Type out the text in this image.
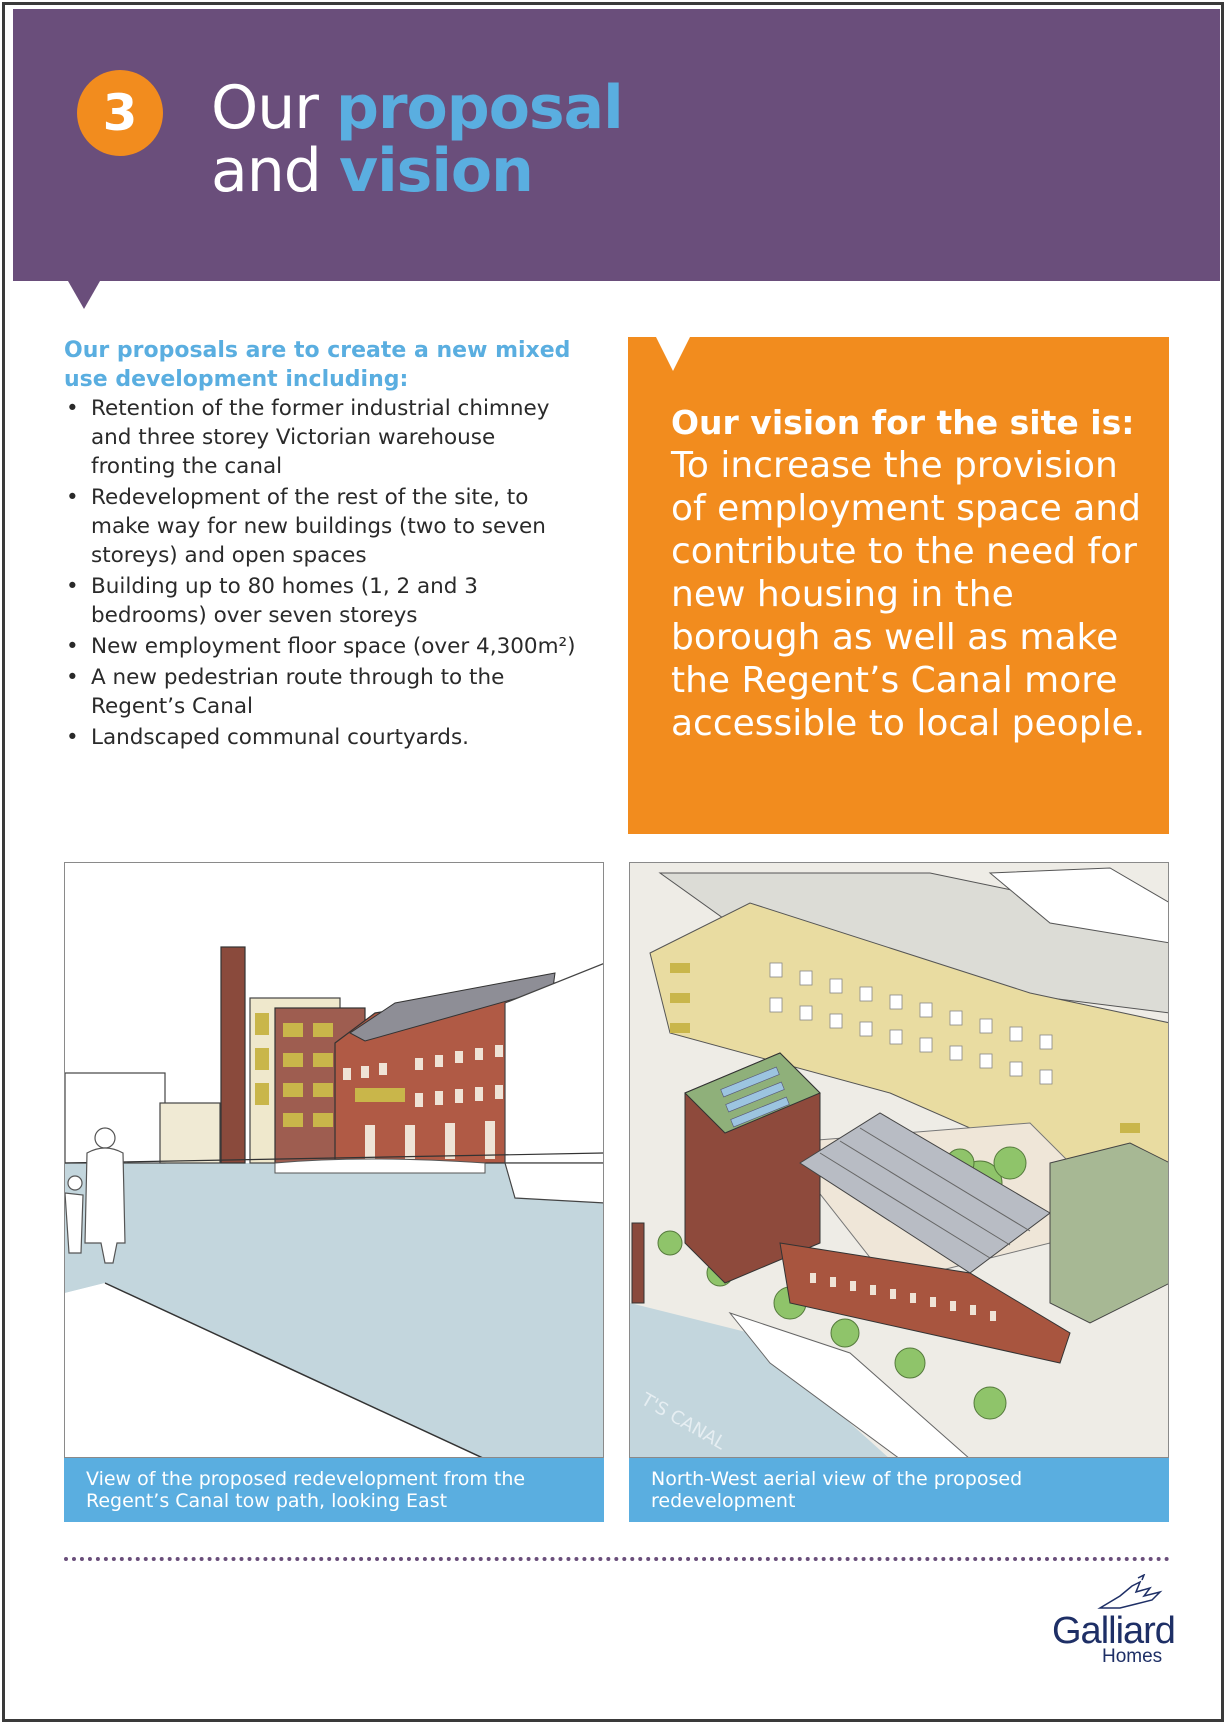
3 Our proposal
and vision
Our proposals are to create a new mixed use development including:
• Retention of the former industrial chimney and three storey Victorian warehouse fronting the canal
• Redevelopment of the rest of the site, to make way for new buildings (two to seven storeys) and open spaces
• Building up to 80 homes (1, 2 and 3 bedrooms) over seven storeys
• New employment floor space (over 4,300m²)
• A new pedestrian route through to the Regent’s Canal
• Landscaped communal courtyards.
Our vision for the site is:
To increase the provision of employment space and contribute to the need for new housing in the borough as well as make the Regent’s Canal more accessible to local people.
View of the proposed redevelopment from the Regent’s Canal tow path, looking East
T'S CANAL
North-West aerial view of the proposed redevelopment
Galliard
Homes
